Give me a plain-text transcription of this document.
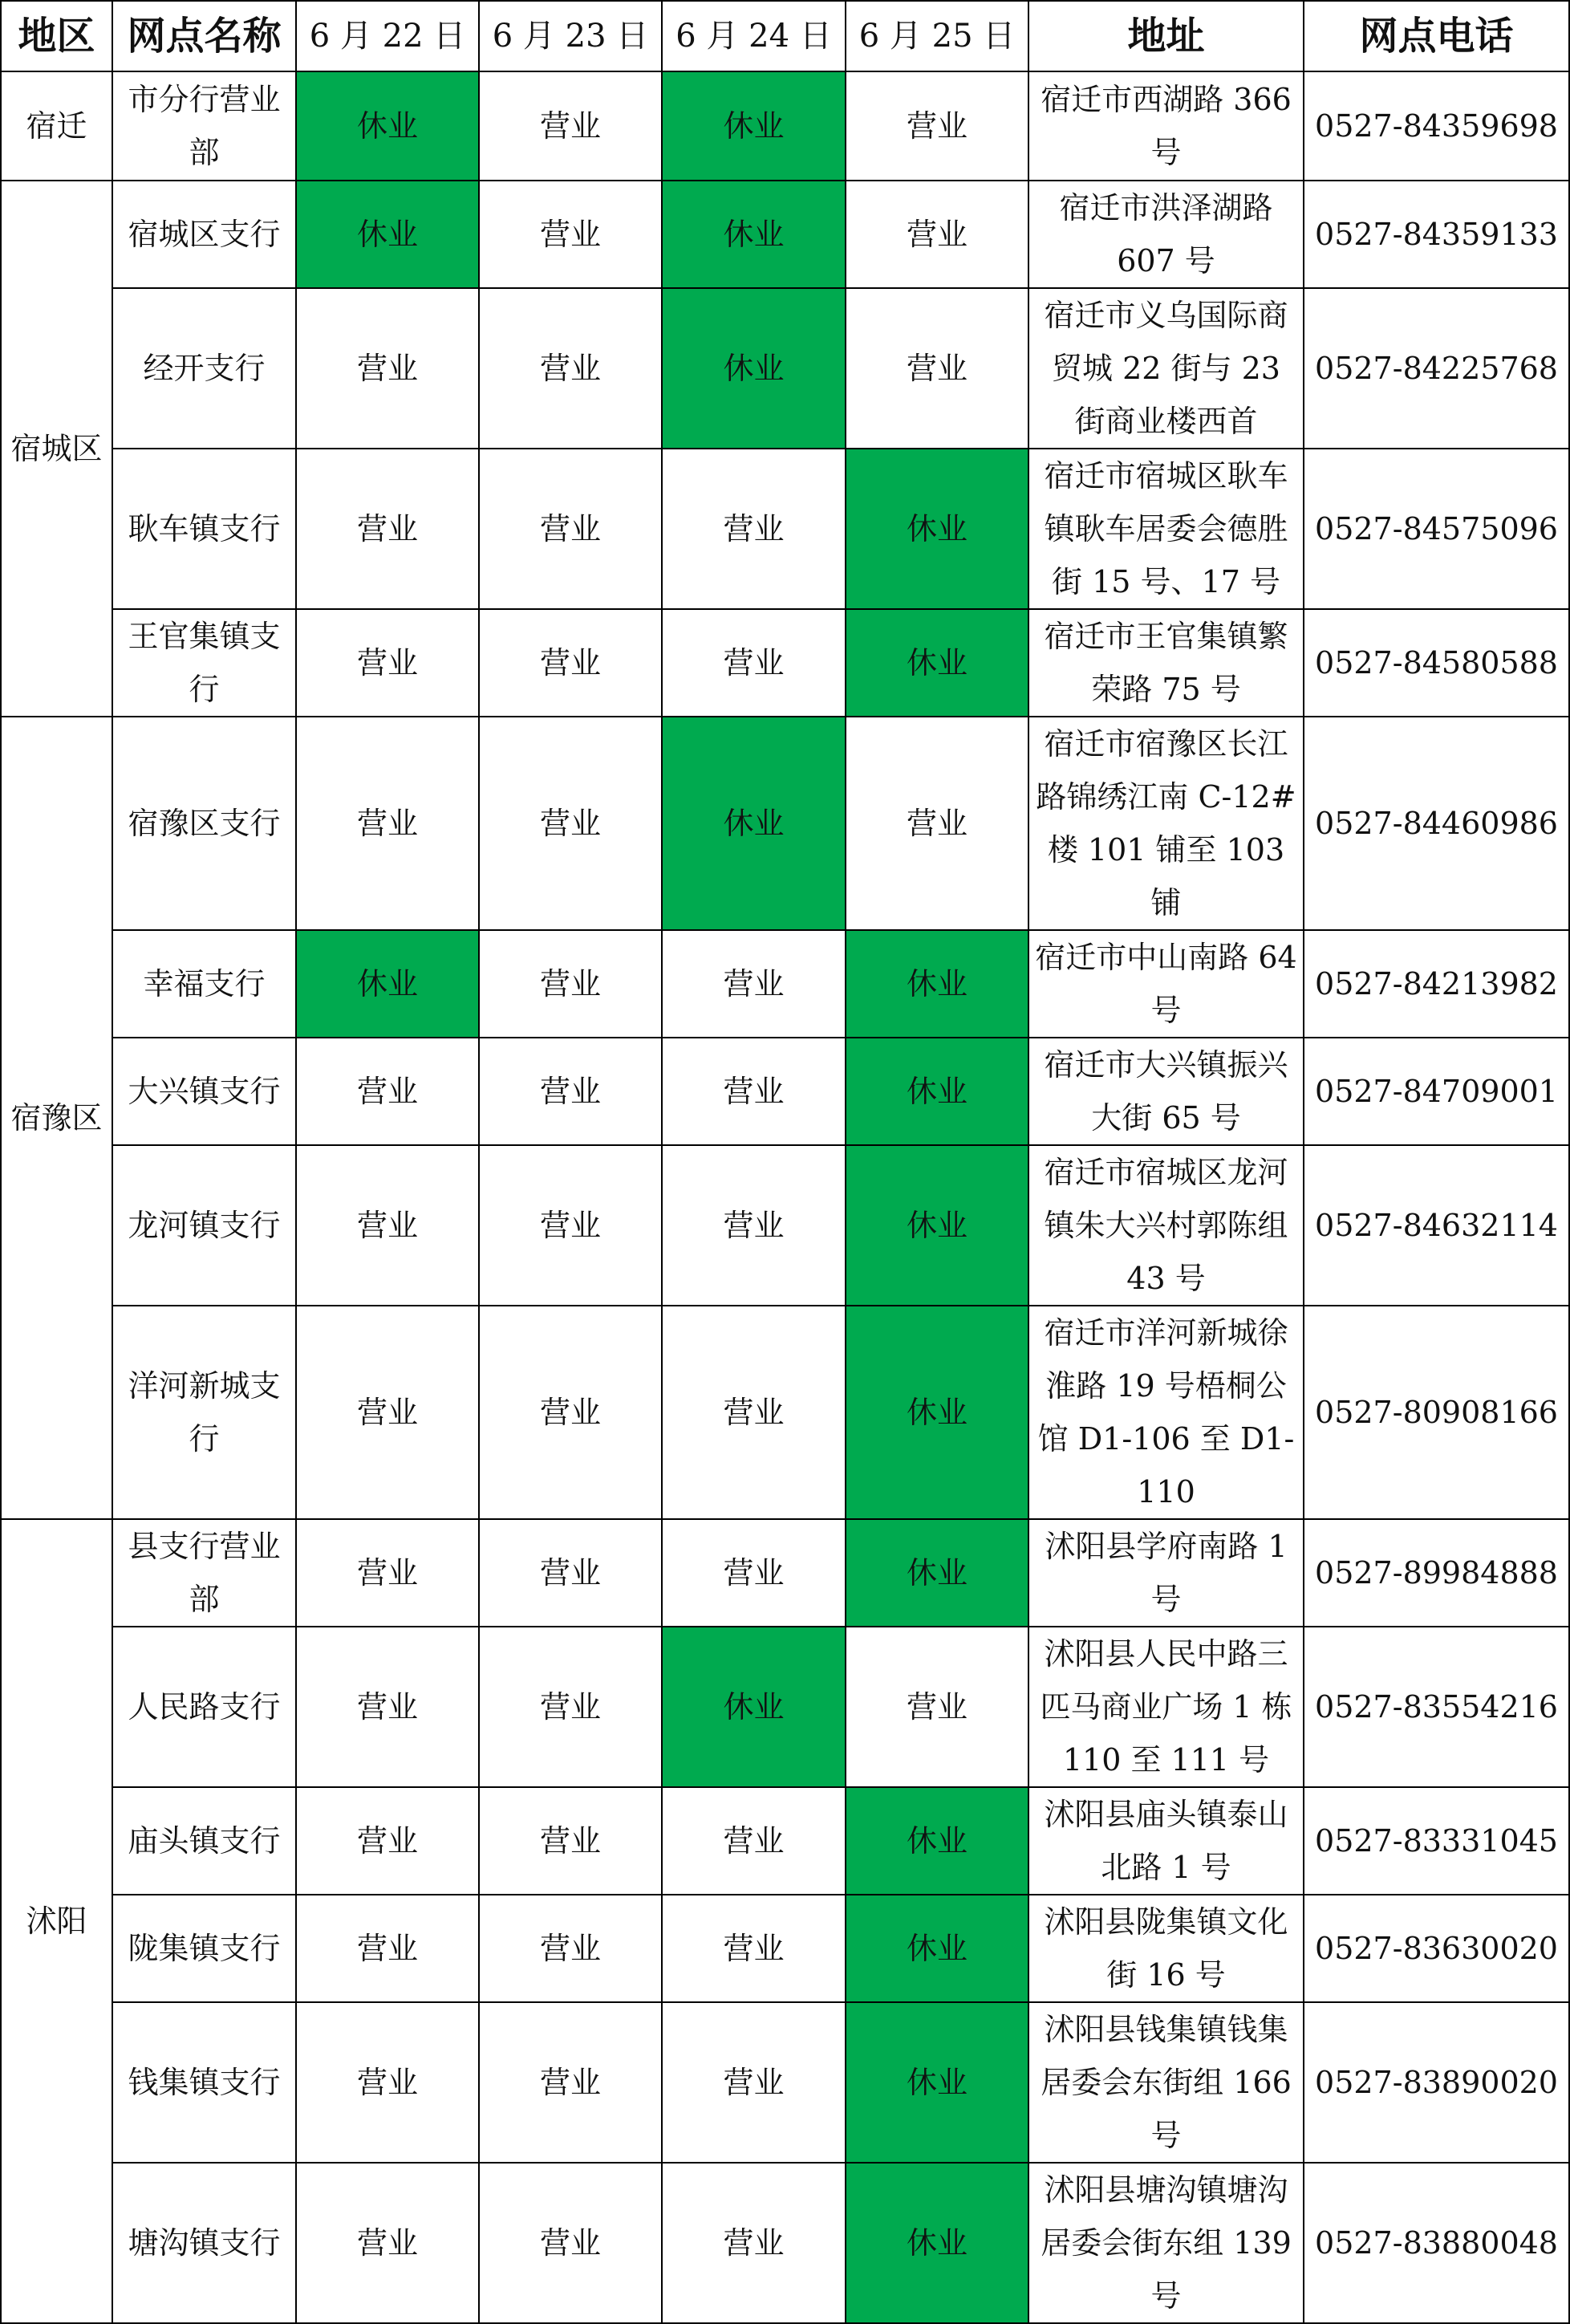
地区	网点名称	6 月 22 日	6 月 23 日	6 月 24 日	6 月 25 日	地址	网点电话
宿迁	市分行营业部	休业	营业	休业	营业	宿迁市西湖路 366 号	0527-84359698
宿城区	宿城区支行	休业	营业	休业	营业	宿迁市洪泽湖路 607 号	0527-84359133
	经开支行	营业	营业	休业	营业	宿迁市义乌国际商贸城 22 街与 23 街商业楼西首	0527-84225768
	耿车镇支行	营业	营业	营业	休业	宿迁市宿城区耿车镇耿车居委会德胜街 15 号、17 号	0527-84575096
	王官集镇支行	营业	营业	营业	休业	宿迁市王官集镇繁荣路 75 号	0527-84580588
宿豫区	宿豫区支行	营业	营业	休业	营业	宿迁市宿豫区长江路锦绣江南 C-12#楼 101 铺至 103 铺	0527-84460986
	幸福支行	休业	营业	营业	休业	宿迁市中山南路 64 号	0527-84213982
	大兴镇支行	营业	营业	营业	休业	宿迁市大兴镇振兴大街 65 号	0527-84709001
	龙河镇支行	营业	营业	营业	休业	宿迁市宿城区龙河镇朱大兴村郭陈组 43 号	0527-84632114
	洋河新城支行	营业	营业	营业	休业	宿迁市洋河新城徐淮路 19 号梧桐公馆 D1-106 至 D1-110	0527-80908166
沭阳	县支行营业部	营业	营业	营业	休业	沭阳县学府南路 1 号	0527-89984888
	人民路支行	营业	营业	休业	营业	沭阳县人民中路三匹马商业广场 1 栋 110 至 111 号	0527-83554216
	庙头镇支行	营业	营业	营业	休业	沭阳县庙头镇泰山北路 1 号	0527-83331045
	陇集镇支行	营业	营业	营业	休业	沭阳县陇集镇文化街 16 号	0527-83630020
	钱集镇支行	营业	营业	营业	休业	沭阳县钱集镇钱集居委会东街组 166 号	0527-83890020
	塘沟镇支行	营业	营业	营业	休业	沭阳县塘沟镇塘沟居委会街东组 139 号	0527-83880048
